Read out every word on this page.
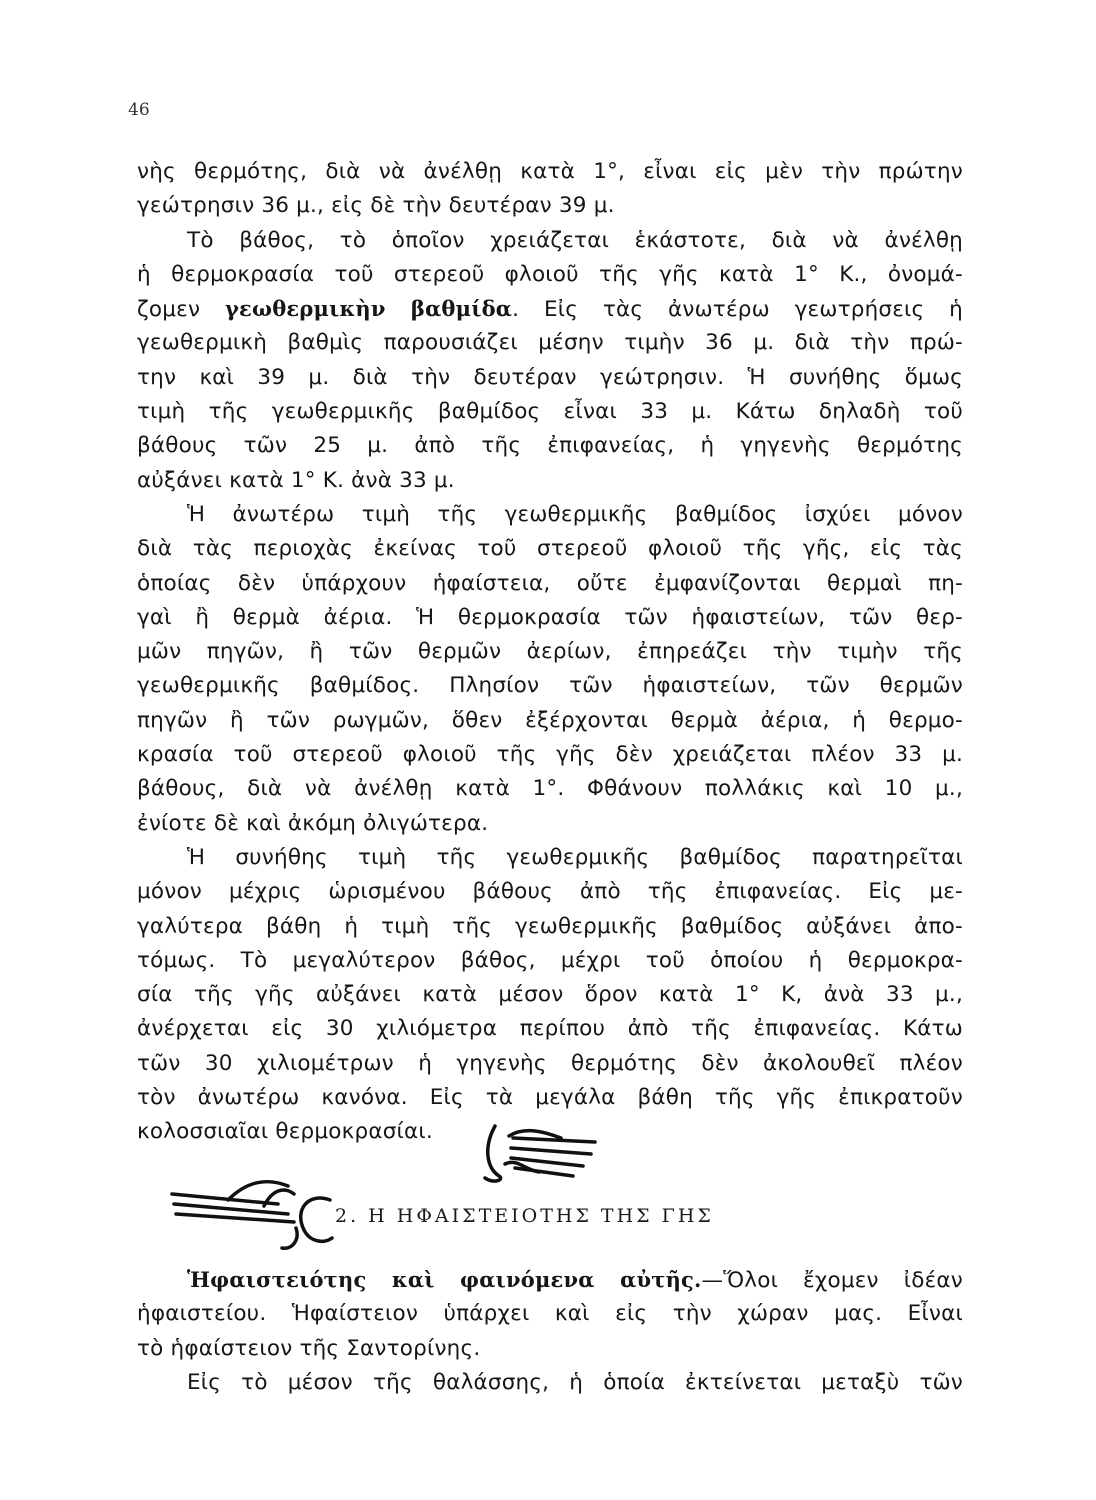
46
νὴς θερμότης, διὰ νὰ ἀνέλθῃ κατὰ 1°, εἶναι εἰς μὲν τὴν πρώτην
γεώτρησιν 36 μ., εἰς δὲ τὴν δευτέραν 39 μ.
Τὸ βάθος, τὸ ὁποῖον χρειάζεται ἑκάστοτε, διὰ νὰ ἀνέλθῃ
ἡ θερμοκρασία τοῦ στερεοῦ φλοιοῦ τῆς γῆς κατὰ 1° Κ., ὀνομά-
ζομεν γεωθερμικὴν βαθμίδα. Εἰς τὰς ἀνωτέρω γεωτρήσεις ἡ
γεωθερμικὴ βαθμὶς παρουσιάζει μέσην τιμὴν 36 μ. διὰ τὴν πρώ-
την καὶ 39 μ. διὰ τὴν δευτέραν γεώτρησιν. Ἡ συνήθης ὅμως
τιμὴ τῆς γεωθερμικῆς βαθμίδος εἶναι 33 μ. Κάτω δηλαδὴ τοῦ
βάθους τῶν 25 μ. ἀπὸ τῆς ἐπιφανείας, ἡ γηγενὴς θερμότης
αὐξάνει κατὰ 1° Κ. ἀνὰ 33 μ.
Ἡ ἀνωτέρω τιμὴ τῆς γεωθερμικῆς βαθμίδος ἰσχύει μόνον
διὰ τὰς περιοχὰς ἐκείνας τοῦ στερεοῦ φλοιοῦ τῆς γῆς, εἰς τὰς
ὁποίας δὲν ὑπάρχουν ἡφαίστεια, οὔτε ἐμφανίζονται θερμαὶ πη-
γαὶ ἢ θερμὰ ἀέρια. Ἡ θερμοκρασία τῶν ἡφαιστείων, τῶν θερ-
μῶν πηγῶν, ἢ τῶν θερμῶν ἀερίων, ἐπηρεάζει τὴν τιμὴν τῆς
γεωθερμικῆς βαθμίδος. Πλησίον τῶν ἡφαιστείων, τῶν θερμῶν
πηγῶν ἢ τῶν ρωγμῶν, ὅθεν ἐξέρχονται θερμὰ ἀέρια, ἡ θερμο-
κρασία τοῦ στερεοῦ φλοιοῦ τῆς γῆς δὲν χρειάζεται πλέον 33 μ.
βάθους, διὰ νὰ ἀνέλθῃ κατὰ 1°. Φθάνουν πολλάκις καὶ 10 μ.,
ἐνίοτε δὲ καὶ ἀκόμη ὀλιγώτερα.
Ἡ συνήθης τιμὴ τῆς γεωθερμικῆς βαθμίδος παρατηρεῖται
μόνον μέχρις ὡρισμένου βάθους ἀπὸ τῆς ἐπιφανείας. Εἰς με-
γαλύτερα βάθη ἡ τιμὴ τῆς γεωθερμικῆς βαθμίδος αὐξάνει ἀπο-
τόμως. Τὸ μεγαλύτερον βάθος, μέχρι τοῦ ὁποίου ἡ θερμοκρα-
σία τῆς γῆς αὐξάνει κατὰ μέσον ὅρον κατὰ 1° Κ, ἀνὰ 33 μ.,
ἀνέρχεται εἰς 30 χιλιόμετρα περίπου ἀπὸ τῆς ἐπιφανείας. Κάτω
τῶν 30 χιλιομέτρων ἡ γηγενὴς θερμότης δὲν ἀκολουθεῖ πλέον
τὸν ἀνωτέρω κανόνα. Εἰς τὰ μεγάλα βάθη τῆς γῆς ἐπικρατοῦν
κολοσσιαῖαι θερμοκρασίαι.
2. Η ΗΦΑΙΣΤΕΙΟΤΗΣ ΤΗΣ ΓΗΣ
Ἡφαιστειότης καὶ φαινόμενα αὐτῆς.—Ὅλοι ἔχομεν ἰδέαν
ἡφαιστείου. Ἡφαίστειον ὑπάρχει καὶ εἰς τὴν χώραν μας. Εἶναι
τὸ ἡφαίστειον τῆς Σαντορίνης.
Εἰς τὸ μέσον τῆς θαλάσσης, ἡ ὁποία ἐκτείνεται μεταξὺ τῶν
